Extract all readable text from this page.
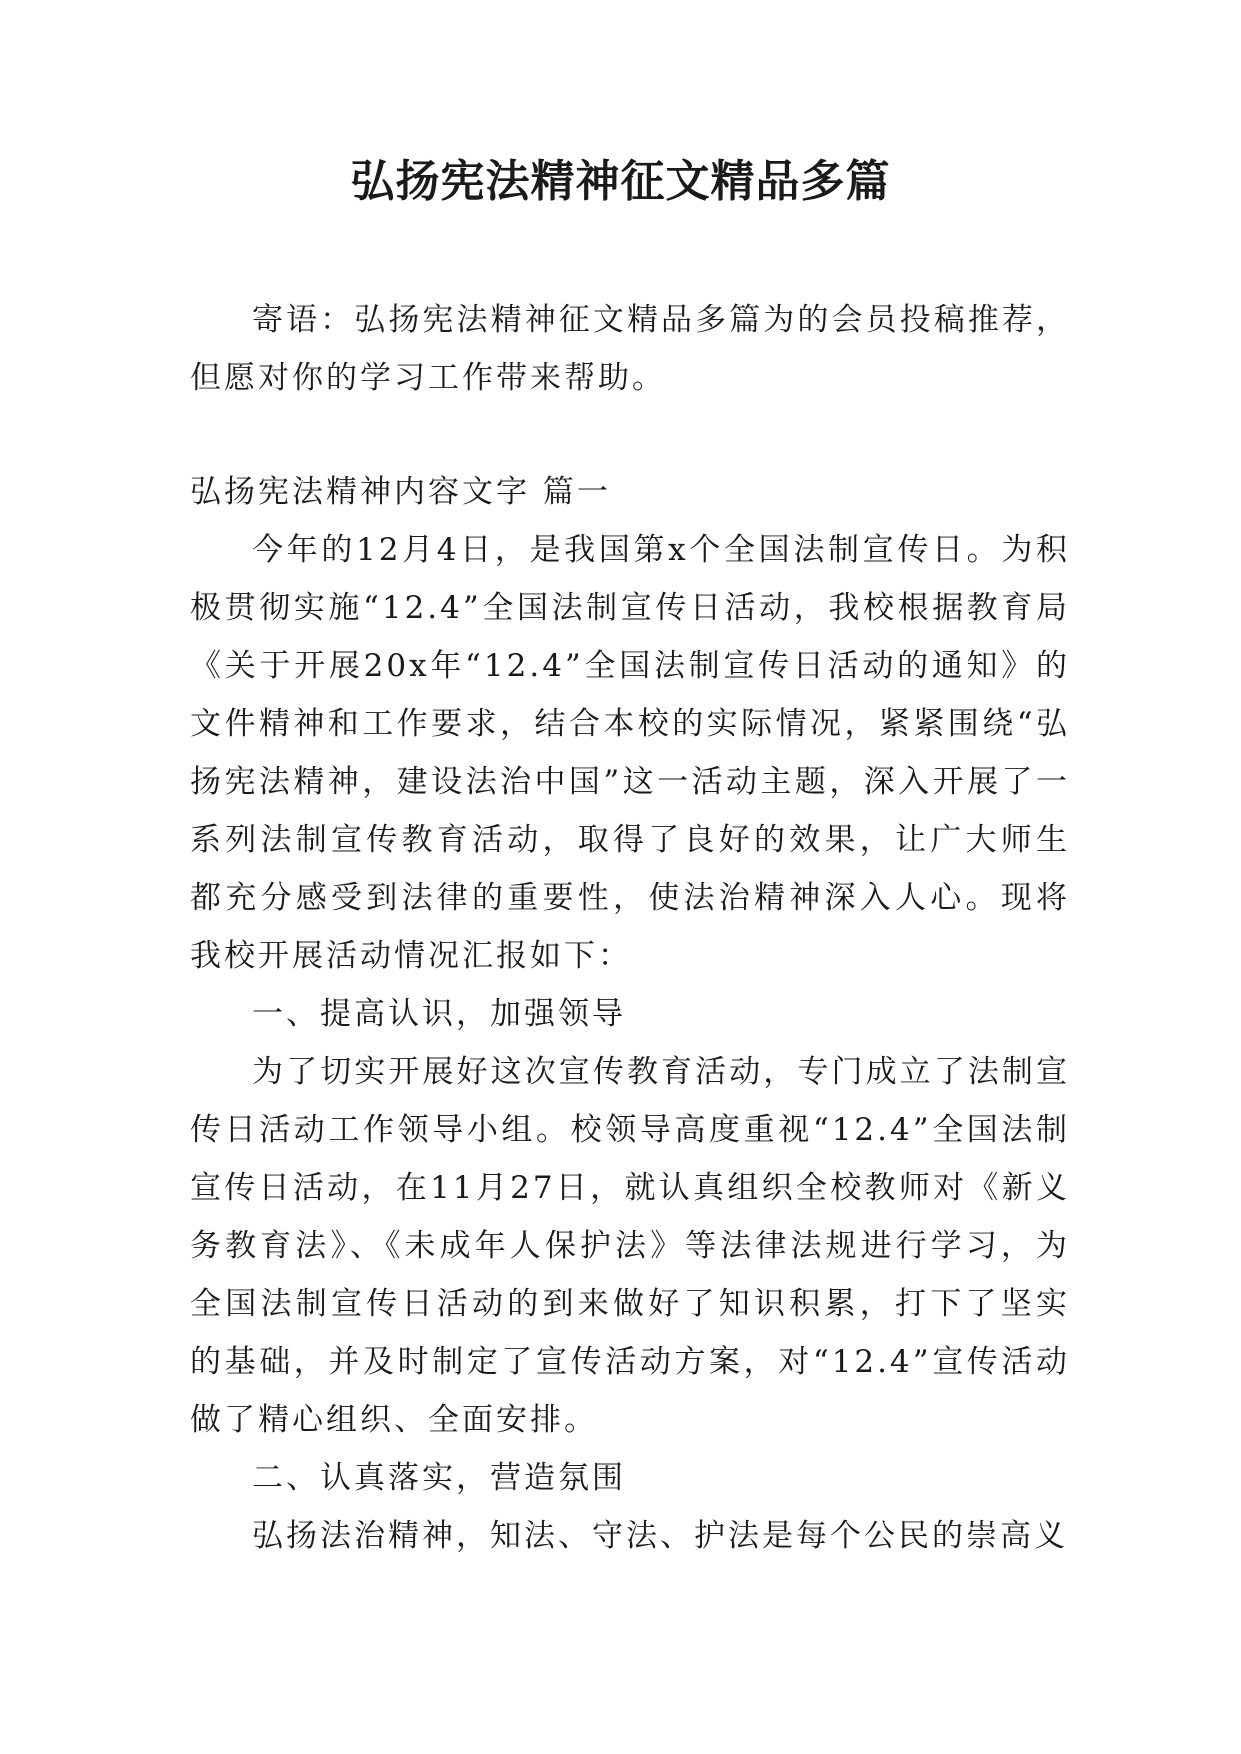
弘扬宪法精神征文精品多篇

寄语：弘扬宪法精神征文精品多篇为的会员投稿推荐，但愿对你的学习工作带来帮助。

弘扬宪法精神内容文字 篇一

今年的12月4日，是我国第x个全国法制宣传日。为积极贯彻实施“12.4”全国法制宣传日活动，我校根据教育局《关于开展20x年“12.4”全国法制宣传日活动的通知》的文件精神和工作要求，结合本校的实际情况，紧紧围绕“弘扬宪法精神，建设法治中国”这一活动主题，深入开展了一系列法制宣传教育活动，取得了良好的效果，让广大师生都充分感受到法律的重要性，使法治精神深入人心。现将我校开展活动情况汇报如下：

一、提高认识，加强领导

为了切实开展好这次宣传教育活动，专门成立了法制宣传日活动工作领导小组。校领导高度重视“12.4”全国法制宣传日活动，在11月27日，就认真组织全校教师对《新义务教育法》、《未成年人保护法》等法律法规进行学习，为全国法制宣传日活动的到来做好了知识积累，打下了坚实的基础，并及时制定了宣传活动方案，对“12.4”宣传活动做了精心组织、全面安排。

二、认真落实，营造氛围

弘扬法治精神，知法、守法、护法是每个公民的崇高义
